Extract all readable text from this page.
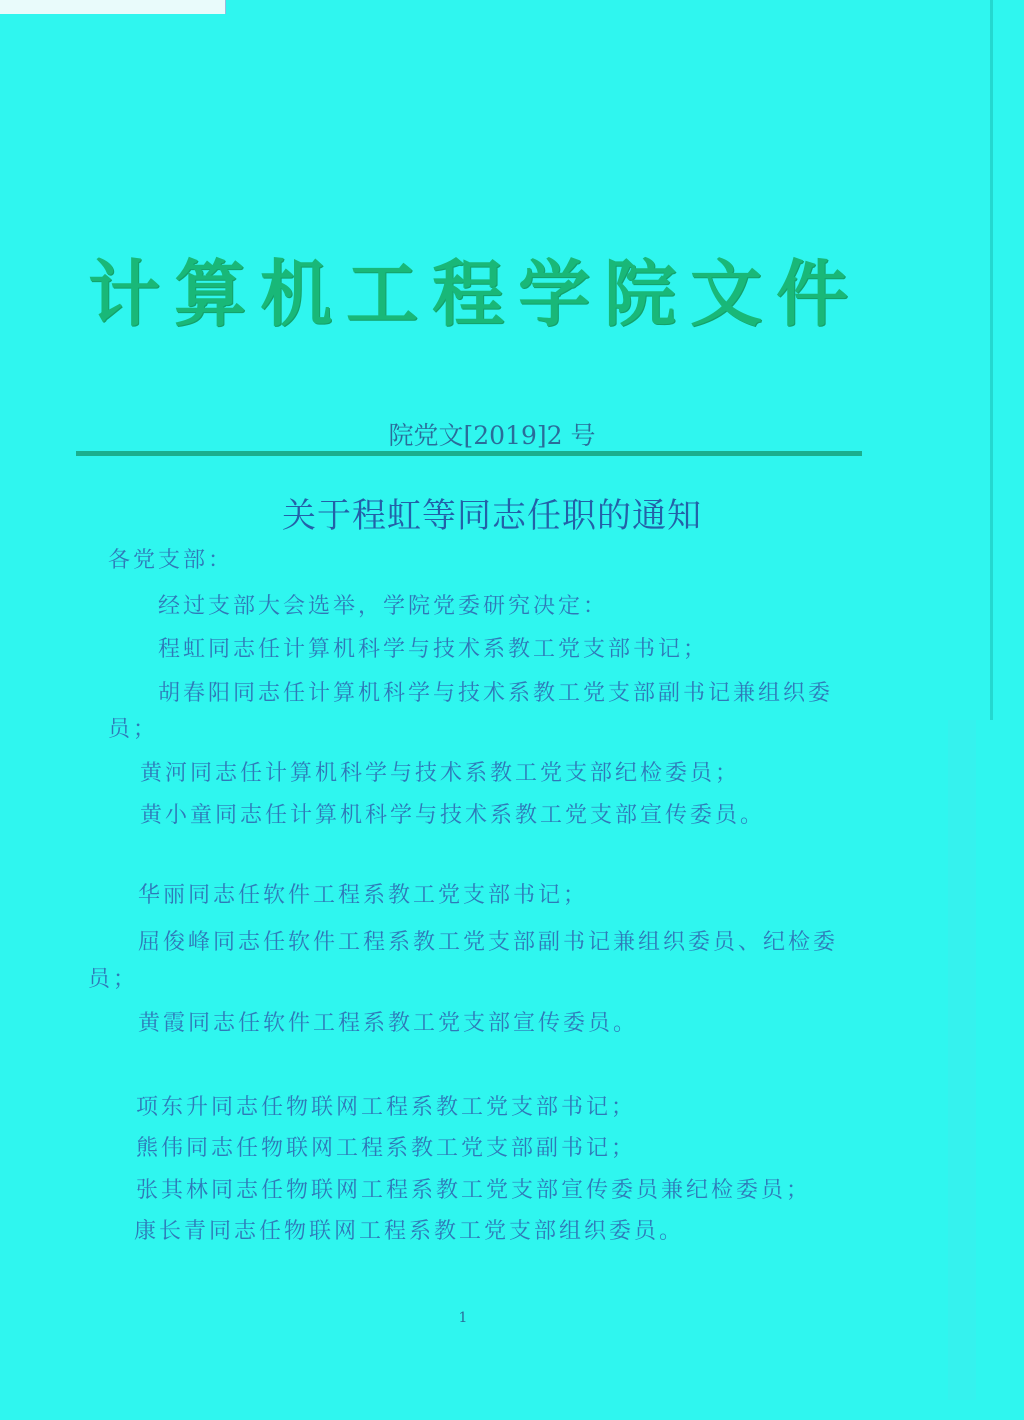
计算机工程学院文件
院党文[2019]2 号
关于程虹等同志任职的通知
各党支部：
经过支部大会选举，学院党委研究决定：
程虹同志任计算机科学与技术系教工党支部书记；
胡春阳同志任计算机科学与技术系教工党支部副书记兼组织委
员；
黄河同志任计算机科学与技术系教工党支部纪检委员；
黄小童同志任计算机科学与技术系教工党支部宣传委员。
华丽同志任软件工程系教工党支部书记；
屈俊峰同志任软件工程系教工党支部副书记兼组织委员、纪检委
员；
黄霞同志任软件工程系教工党支部宣传委员。
项东升同志任物联网工程系教工党支部书记；
熊伟同志任物联网工程系教工党支部副书记；
张其林同志任物联网工程系教工党支部宣传委员兼纪检委员；
康长青同志任物联网工程系教工党支部组织委员。
1
